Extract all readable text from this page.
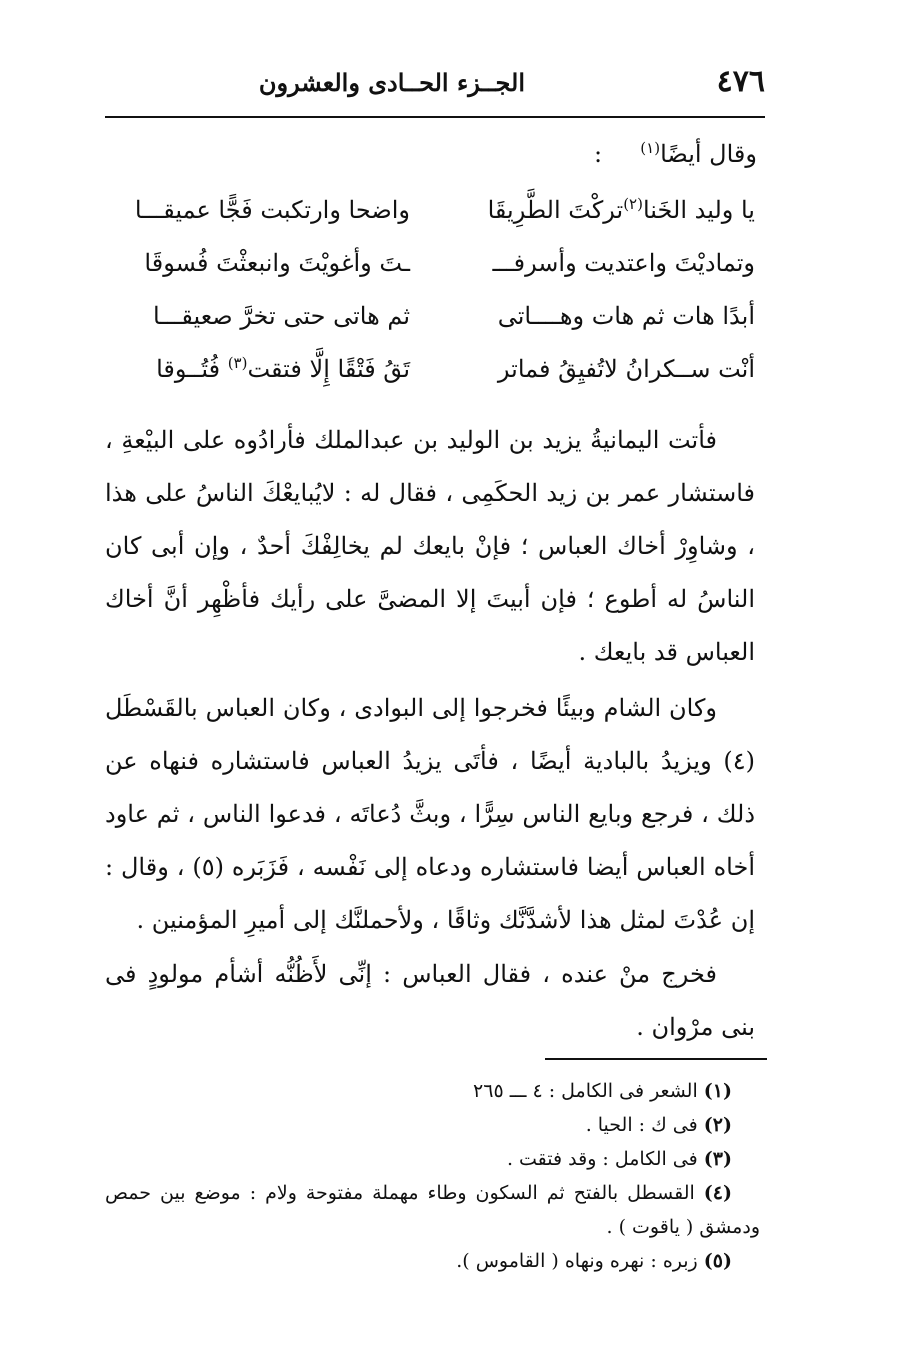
٤٧٦
الجــزء الحــادى والعشرون
وقال أيضًا$^{(١)}$     :
يا وليد الخَنا$^{(٢)}$تركْتَ الطَّرِيقَا
واضحا وارتكبت فَجًّا عميقـــا
وتماديْتَ واعتديت وأسرفـــ
ـتَ وأغويْتَ وانبعثْتَ فُسوقَا
أبدًا هات ثم هات وهــــاتى
ثم هاتى حتى تخرَّ صعيقـــا
أنْت ســكرانُ لاتُفيِقُ فماتر
تَقُ فَتْقًا إِلَّا فتقت$^{(٣)}$ فُتُــوقا

فأتت اليمانيةُ يزيد بن الوليد بن عبدالملك فأرادُوه على البيْعةِ ، فاستشار عمر بن زيد الحكَمِى ، فقال له : لايُبايعْكَ الناسُ على هذا ، وشاوِرْ أخاك العباس ؛ فإنْ بايعك لم يخالِفْكَ أحدٌ ، وإن أبى كان الناسُ له أطوع ؛ فإن أبيتَ إلا المضىَّ على رأيك فأظْهِر أنَّ أخاك العباس قد بايعك .

وكان الشام وبيئًا فخرجوا إلى البوادى ، وكان العباس بالقَسْطَل (٤) ويزيدُ بالبادية أيضًا ، فأتَى يزيدُ العباس فاستشاره فنهاه عن ذلك ، فرجع وبايع الناس سِرًّا ، وبثَّ دُعاتَه ، فدعوا الناس ، ثم عاود أخاه العباس أيضا فاستشاره ودعاه إلى نَفْسه ، فَزَبَره (٥) ، وقال : إن عُدْتَ لمثل هذا لأشدَّنَّك وثاقًا ، ولأحملنَّك إلى أميرِ المؤمنين .

فخرج منْ عنده ، فقال العباس : إنِّى لأَظُنُّه أشأم مولودٍ فى بنى مرْوان .

(١) الشعر فى الكامل : ٤ ـــ ٢٦٥

(٢) فى ك : الحيا .

(٣) فى الكامل : وقد فتقت .

(٤) القسطل بالفتح ثم السكون وطاء مهملة مفتوحة ولام : موضع بين حمص ودمشق ( ياقوت ) .

(٥) زبره : نهره ونهاه ( القاموس ).
